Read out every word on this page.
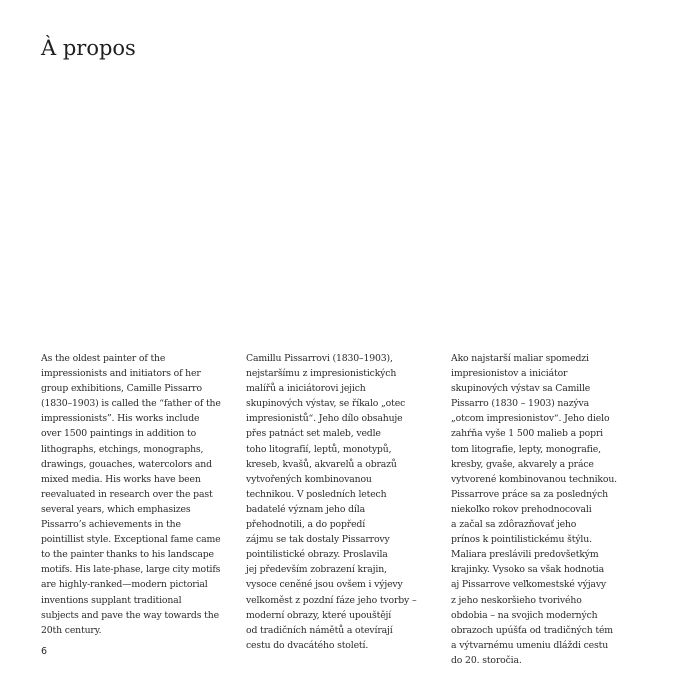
À propos

As the oldest painter of the
impressionists and initiators of her
group exhibitions, Camille Pissarro
(1830–1903) is called the “father of the
impressionists”. His works include
over 1500 paintings in addition to
lithographs, etchings, monographs,
drawings, gouaches, watercolors and
mixed media. His works have been
reevaluated in research over the past
several years, which emphasizes
Pissarro’s achievements in the
pointillist style. Exceptional fame came
to the painter thanks to his landscape
motifs. His late-phase, large city motifs
are highly-ranked—modern pictorial
inventions supplant traditional
subjects and pave the way towards the
20th century.

Camillu Pissarrovi (1830–1903),
nejstaršímu z impresionistických
malířů a iniciátorovi jejich
skupinových výstav, se říkalo „otec
impresionistů“. Jeho dílo obsahuje
přes patnáct set maleb, vedle
toho litografií, leptů, monotypů,
kreseb, kvašů, akvarelů a obrazů
vytvořených kombinovanou
technikou. V posledních letech
badatelé význam jeho díla
přehodnotili, a do popředí
zájmu se tak dostaly Pissarrovy
pointilistické obrazy. Proslavila
jej především zobrazení krajin,
vysoce ceněné jsou ovšem i výjevy
velkoměst z pozdní fáze jeho tvorby –
moderní obrazy, které upouštějí
od tradičních námětů a otevírají
cestu do dvacátého století.

Ako najstarší maliar spomedzi
impresionistov a iniciátor
skupinových výstav sa Camille
Pissarro (1830 – 1903) nazýva
„otcom impresionistov“. Jeho dielo
zahŕňa vyše 1 500 malieb a popri
tom litografie, lepty, monografie,
kresby, gvaše, akvarely a práce
vytvorené kombinovanou technikou.
Pissarrove práce sa za posledných
niekoľko rokov prehodnocovali
a začal sa zdôrazňovať jeho
prínos k pointilistickému štýlu.
Maliara preslávili predovšetkým
krajinky. Vysoko sa však hodnotia
aj Pissarrove veľkomestské výjavy
z jeho neskoršieho tvorivého
obdobia – na svojich moderných
obrazoch upúšťa od tradičných tém
a výtvarnému umeniu dláždi cestu
do 20. storočia.

6
